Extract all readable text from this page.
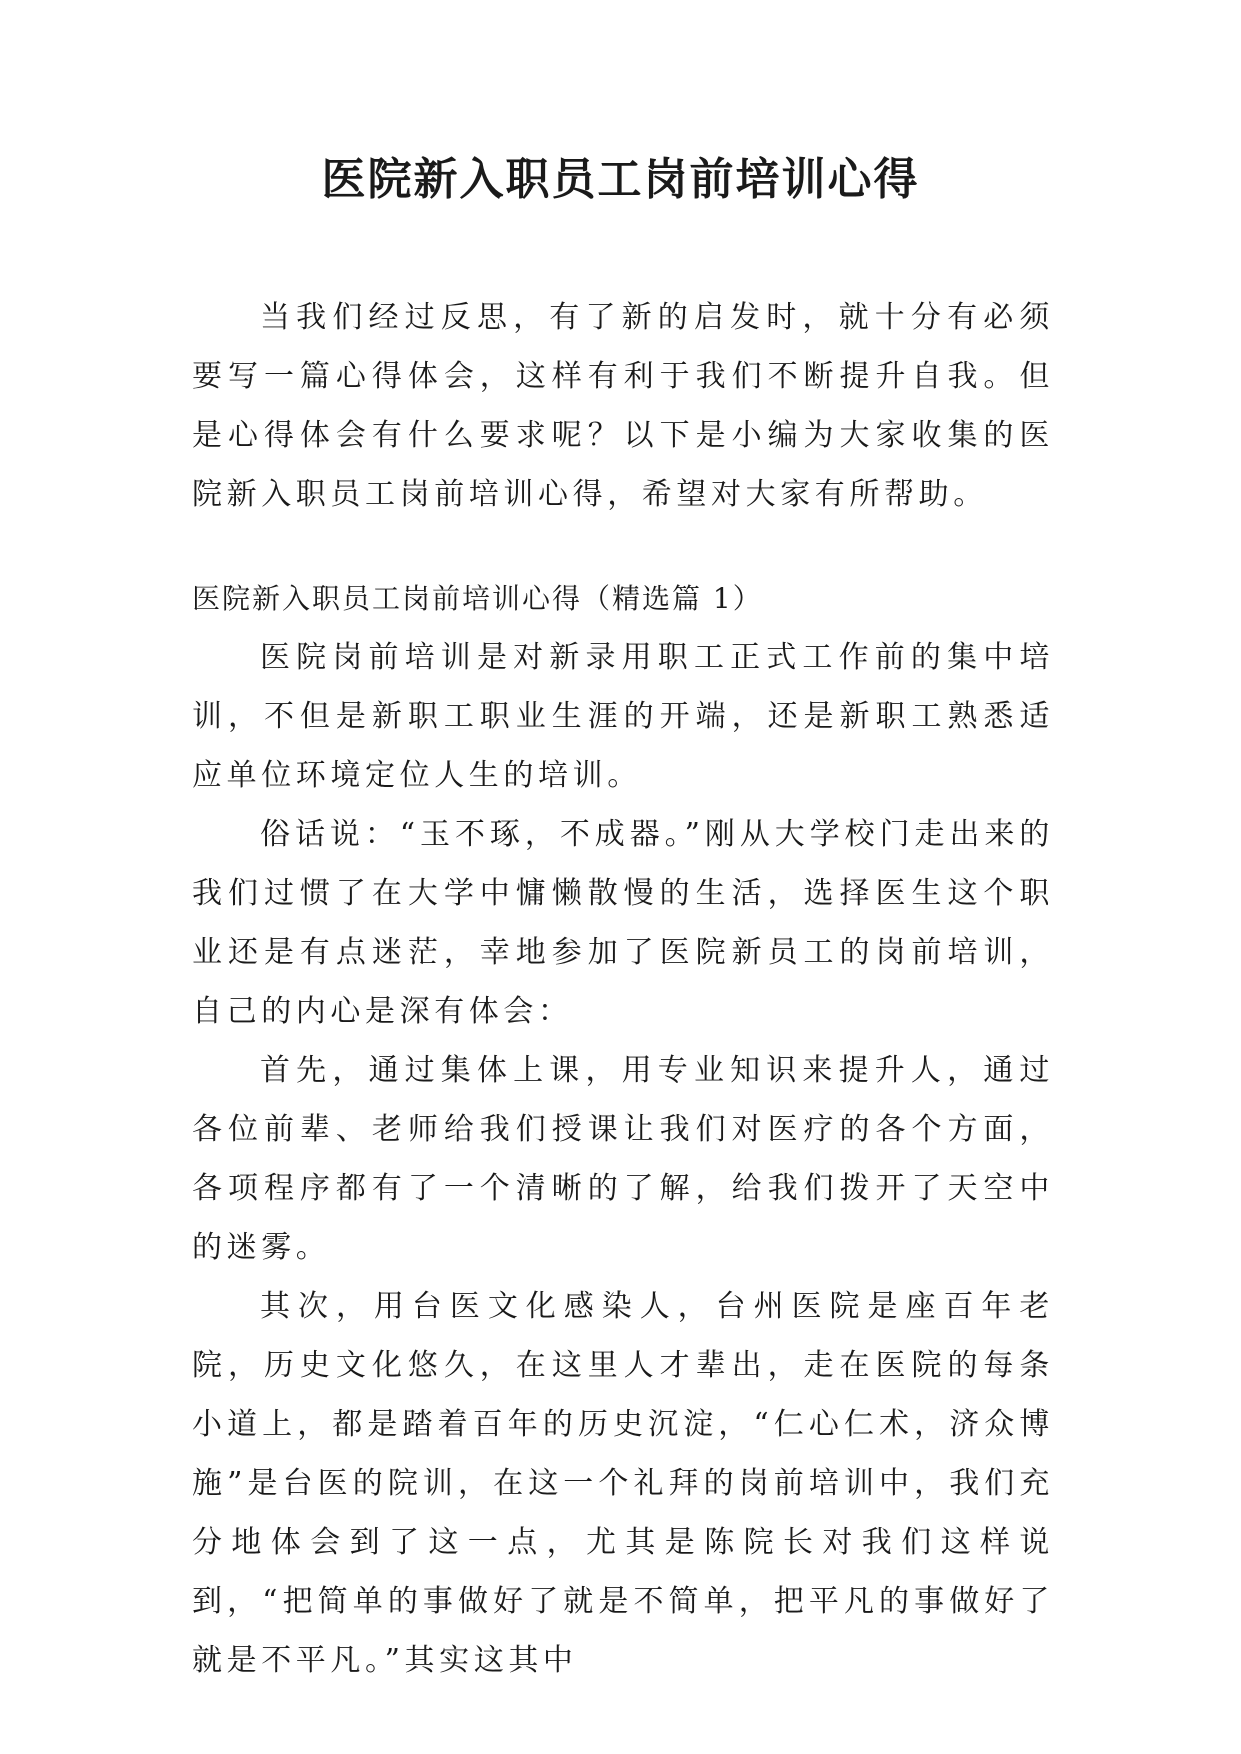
医院新入职员工岗前培训心得

当我们经过反思，有了新的启发时，就十分有必须要写一篇心得体会，这样有利于我们不断提升自我。但是心得体会有什么要求呢？以下是小编为大家收集的医院新入职员工岗前培训心得，希望对大家有所帮助。

医院新入职员工岗前培训心得（精选篇 1）

医院岗前培训是对新录用职工正式工作前的集中培训，不但是新职工职业生涯的开端，还是新职工熟悉适应单位环境定位人生的培训。

俗话说：“玉不琢，不成器。”刚从大学校门走出来的我们过惯了在大学中慵懒散慢的生活，选择医生这个职业还是有点迷茫，幸地参加了医院新员工的岗前培训，自己的内心是深有体会：

首先，通过集体上课，用专业知识来提升人，通过各位前辈、老师给我们授课让我们对医疗的各个方面，各项程序都有了一个清晰的了解，给我们拨开了天空中的迷雾。

其次，用台医文化感染人，台州医院是座百年老院，历史文化悠久，在这里人才辈出，走在医院的每条小道上，都是踏着百年的历史沉淀，“仁心仁术，济众博施”是台医的院训，在这一个礼拜的岗前培训中，我们充分地体会到了这一点，尤其是陈院长对我们这样说到，“把简单的事做好了就是不简单，把平凡的事做好了就是不平凡。”其实这其中
